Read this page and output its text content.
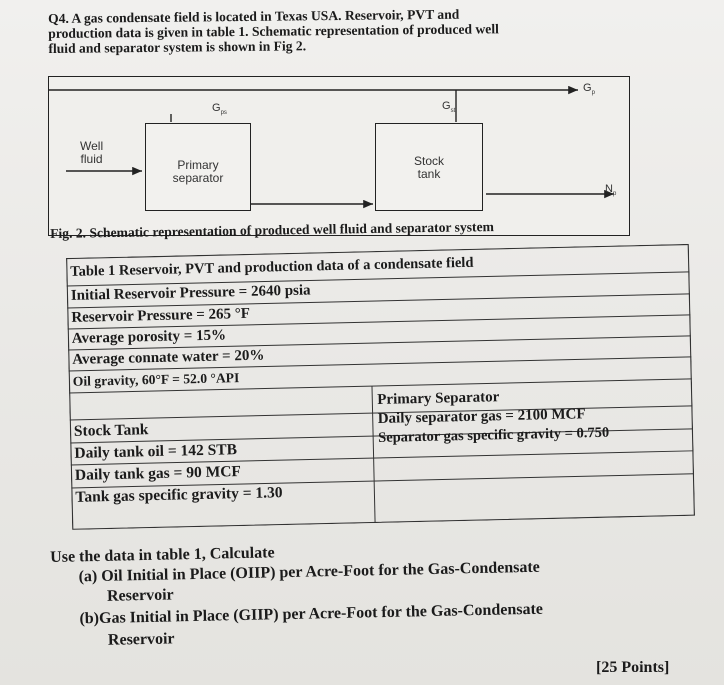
Q4. A gas condensate field is located in Texas USA. Reservoir, PVT and
production data is given in table 1. Schematic representation of produced well
fluid and separator system is shown in Fig 2.
Well
fluid	Primary
separator
Stock
tank
$G_{ps}$
$G_{st}$
$G_p$
$N_p$
Fig. 2. Schematic representation of produced well fluid and separator system
Table 1 Reservoir, PVT and production data of a condensate field
Initial Reservoir Pressure = 2640 psia
Reservoir Pressure = 265 °F
Average porosity = 15%
Average connate water = 20%
Oil gravity, 60°F = 52.0 °API
Stock Tank
Daily tank oil = 142 STB
Daily tank gas = 90 MCF
Tank gas specific gravity = 1.30
Primary Separator
Daily separator gas = 2100 MCF
Separator gas specific gravity = 0.750
Use the data in table 1, Calculate
(a) Oil Initial in Place (OIIP) per Acre-Foot for the Gas-Condensate
Reservoir
(b)Gas Initial in Place (GIIP) per Acre-Foot for the Gas-Condensate
Reservoir
[25 Points]
